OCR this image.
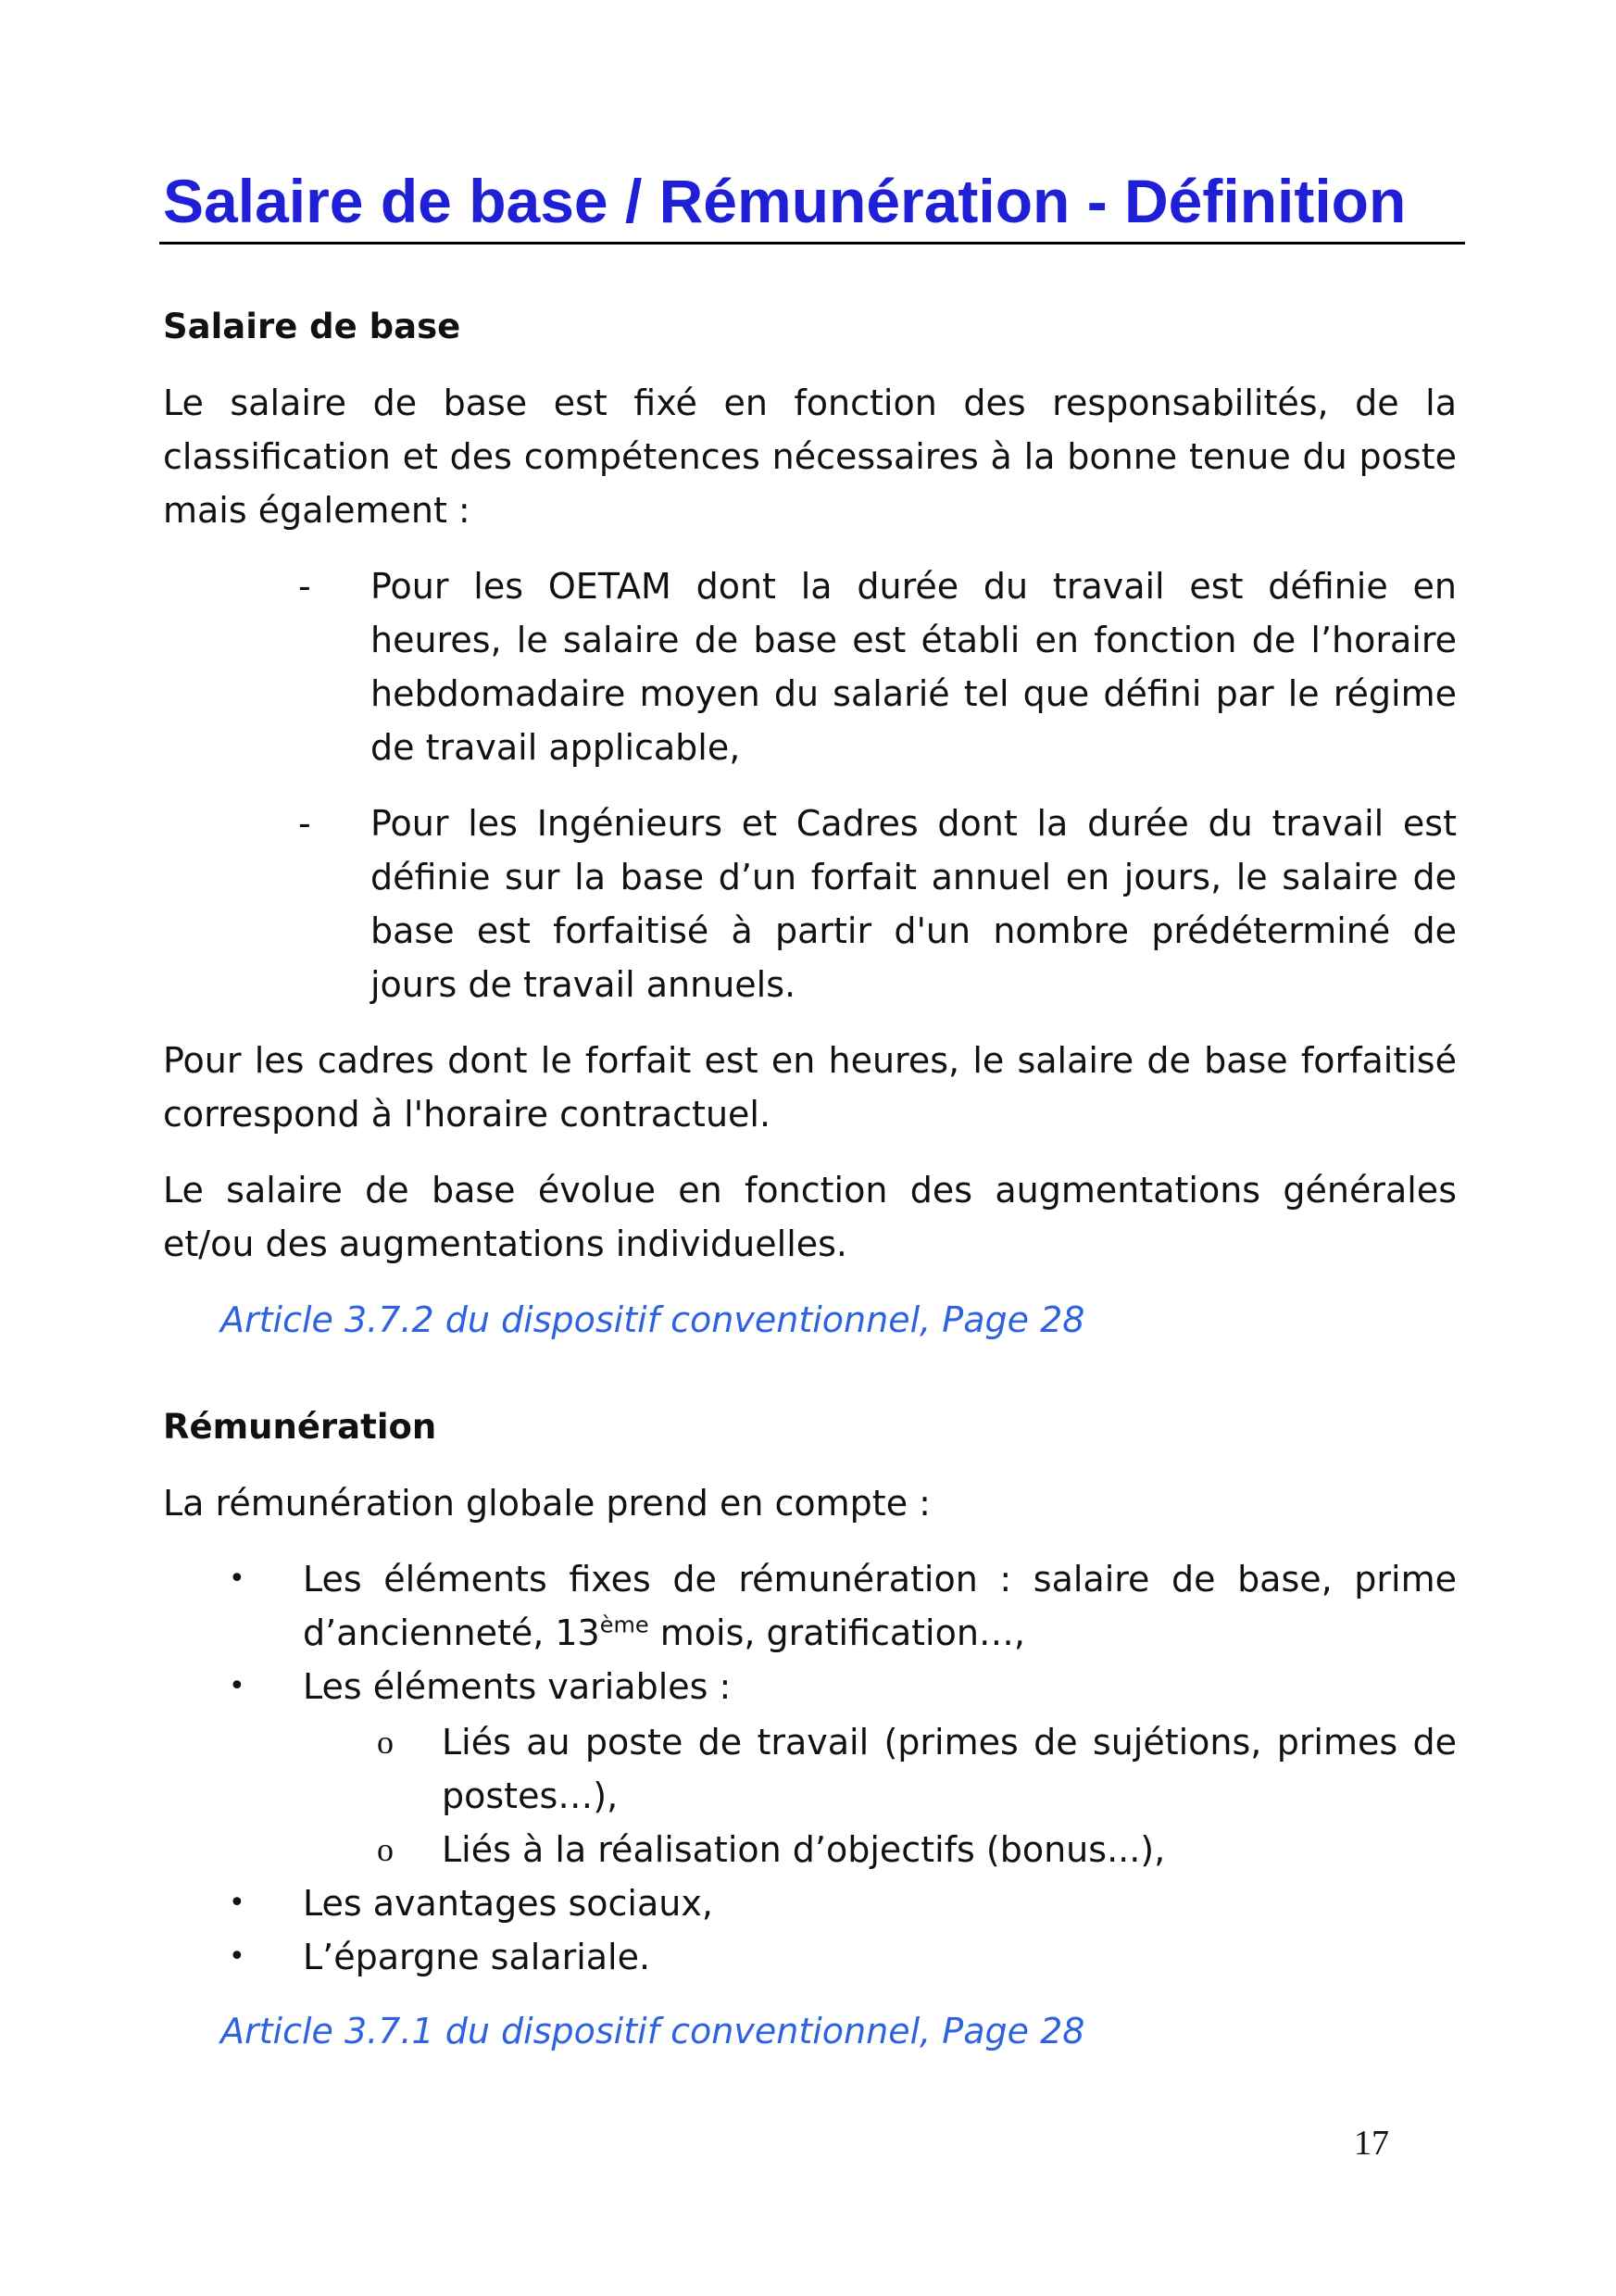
Salaire de base / Rémunération - Définition
Salaire de base

Le salaire de base est fixé en fonction des responsabilités, de la classification et des compétences nécessaires à la bonne tenue du poste mais également :

- Pour les OETAM dont la durée du travail est définie en heures, le salaire de base est établi en fonction de l’horaire hebdomadaire moyen du salarié tel que défini par le régime de travail applicable,
- Pour les Ingénieurs et Cadres dont la durée du travail est définie sur la base d’un forfait annuel en jours, le salaire de base est forfaitisé à partir d'un nombre prédéterminé de jours de travail annuels.

Pour les cadres dont le forfait est en heures, le salaire de base forfaitisé correspond à l'horaire contractuel.

Le salaire de base évolue en fonction des augmentations générales et/ou des augmentations individuelles.

Article 3.7.2 du dispositif conventionnel, Page 28

Rémunération

La rémunération globale prend en compte :

• Les éléments fixes de rémunération : salaire de base, prime d’ancienneté, 13ème mois, gratification…,
• Les éléments variables :
o Liés au poste de travail (primes de sujétions, primes de postes…),
o Liés à la réalisation d’objectifs (bonus...),
• Les avantages sociaux,
• L’épargne salariale.

Article 3.7.1 du dispositif conventionnel, Page 28

17
